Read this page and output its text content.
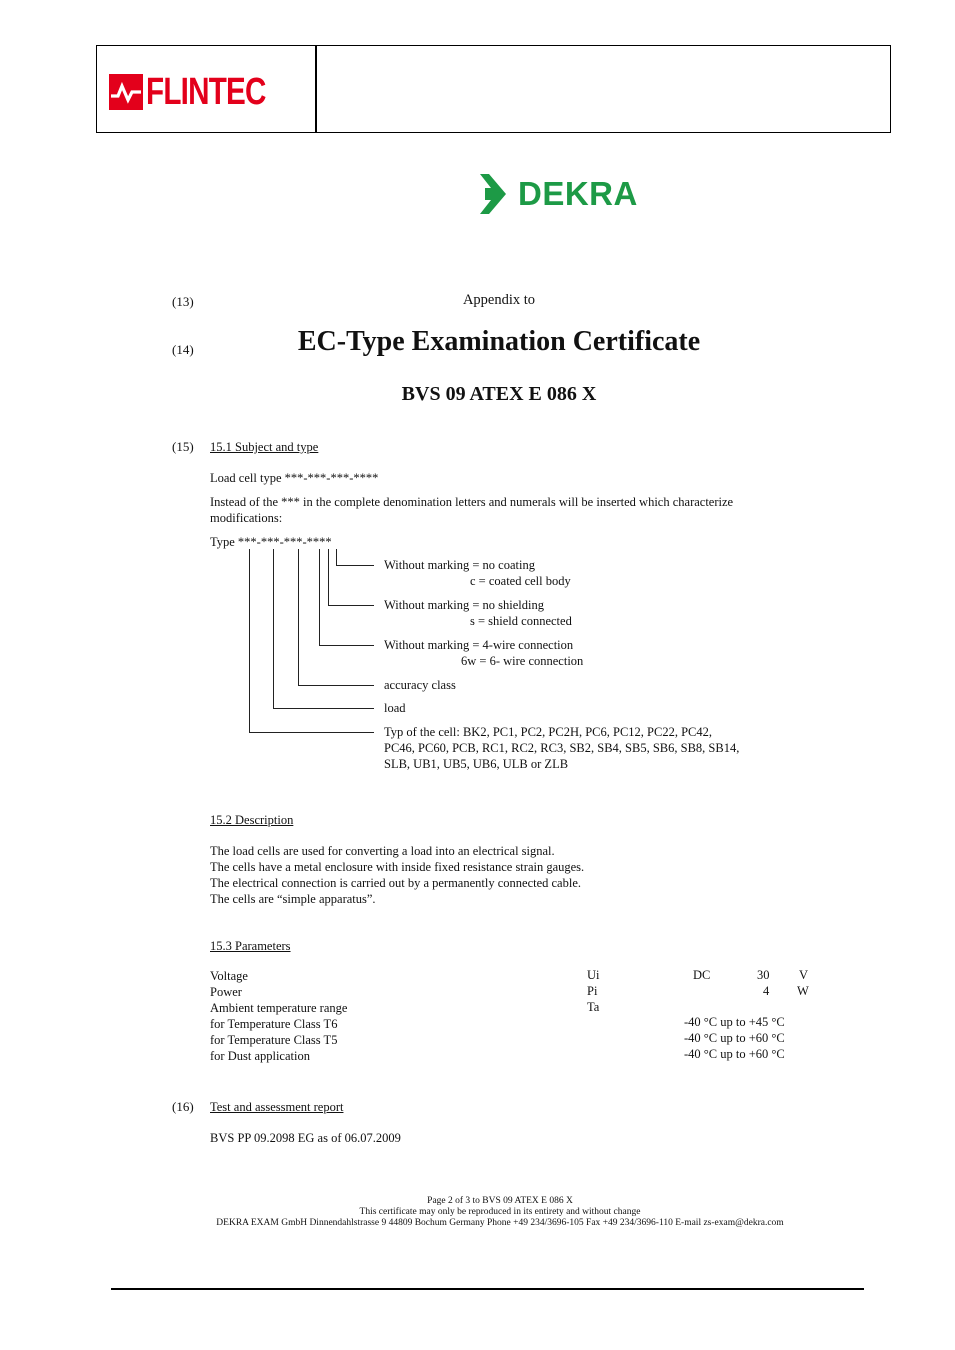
FLINTEC
DEKRA
(13)	Appendix to
(14)	EC-Type Examination Certificate
BVS 09 ATEX E 086 X
(15) 15.1 Subject and type
Load cell type ***-***-***-****
Instead of the *** in the complete denomination letters and numerals will be inserted which characterize
modifications:
Type ***-***-***-****
Without marking = no coating
c = coated cell body
Without marking = no shielding
s = shield connected
Without marking = 4-wire connection
6w = 6- wire connection
accuracy class
load
Typ of the cell: BK2, PC1, PC2, PC2H, PC6, PC12, PC22, PC42,
PC46, PC60, PCB, RC1, RC2, RC3, SB2, SB4, SB5, SB6, SB8, SB14,
SLB, UB1, UB5, UB6, ULB or ZLB
15.2 Description
The load cells are used for converting a load into an electrical signal.
The cells have a metal enclosure with inside fixed resistance strain gauges.
The electrical connection is carried out by a permanently connected cable.
The cells are “simple apparatus”.
15.3 Parameters
Voltage	Ui	DC	30 V
Power	Pi	4 W
Ambient temperature range	Ta
for Temperature Class T6	-40 °C up to +45 °C
for Temperature Class T5	-40 °C up to +60 °C
for Dust application	-40 °C up to +60 °C
(16) Test and assessment report
BVS PP 09.2098 EG as of 06.07.2009
Page 2 of 3 to BVS 09 ATEX E 086 X
This certificate may only be reproduced in its entirety and without change
DEKRA EXAM GmbH Dinnendahlstrasse 9 44809 Bochum Germany Phone +49 234/3696-105 Fax +49 234/3696-110 E-mail zs-exam@dekra.com
